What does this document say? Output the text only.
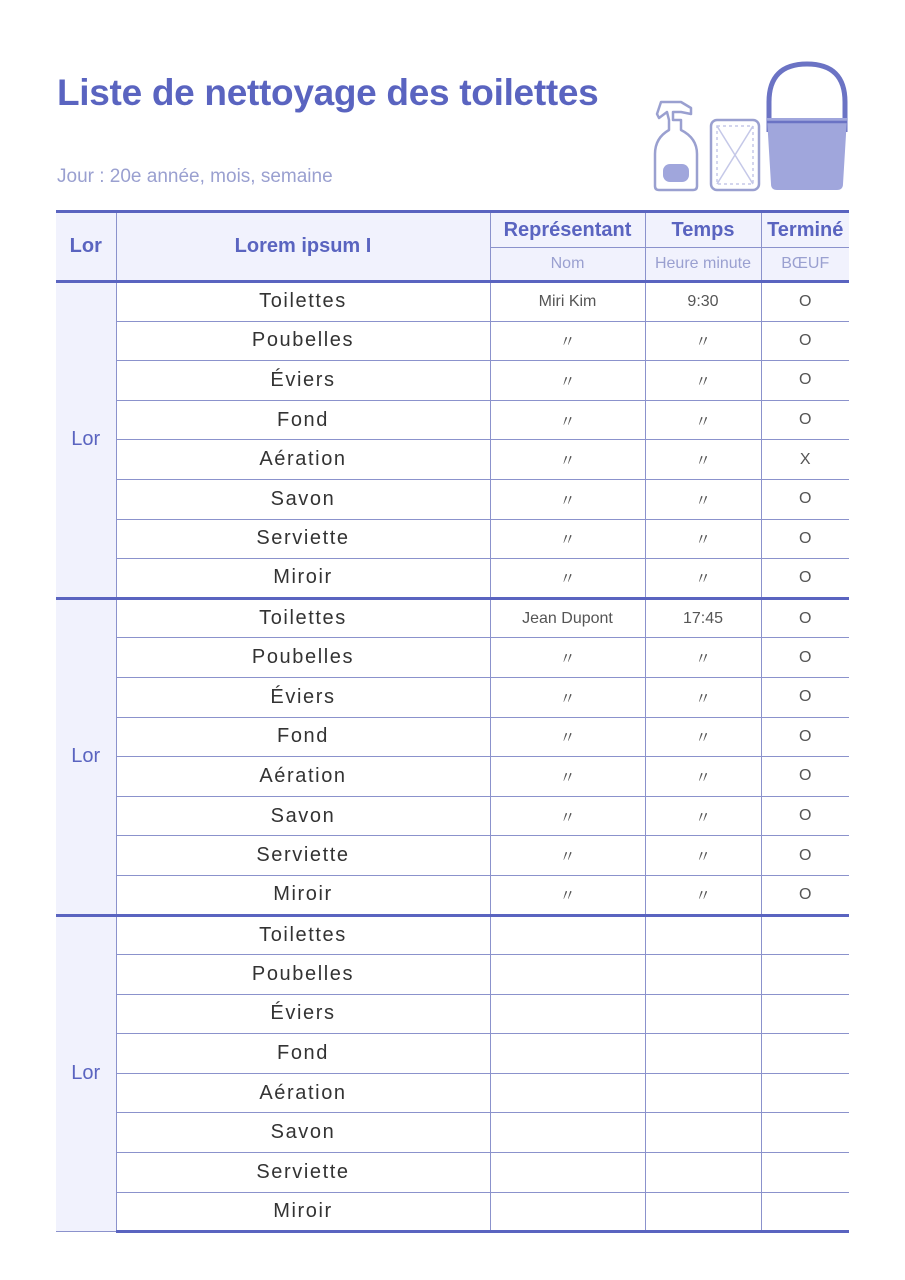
Liste de nettoyage des toilettes
Jour : 20e année, mois, semaine
Lor	Lorem ipsum I	Représentant	Temps	Terminé
		Nom	Heure minute	BŒUF
Lor	Toilettes	Miri Kim	9:30	O
	Poubelles	〃	〃	O
	Éviers	〃	〃	O
	Fond	〃	〃	O
	Aération	〃	〃	X
	Savon	〃	〃	O
	Serviette	〃	〃	O
	Miroir	〃	〃	O
Lor	Toilettes	Jean Dupont	17:45	O
	Poubelles	〃	〃	O
	Éviers	〃	〃	O
	Fond	〃	〃	O
	Aération	〃	〃	O
	Savon	〃	〃	O
	Serviette	〃	〃	O
	Miroir	〃	〃	O
Lor	Toilettes			
	Poubelles			
	Éviers			
	Fond			
	Aération			
	Savon			
	Serviette			
	Miroir			
